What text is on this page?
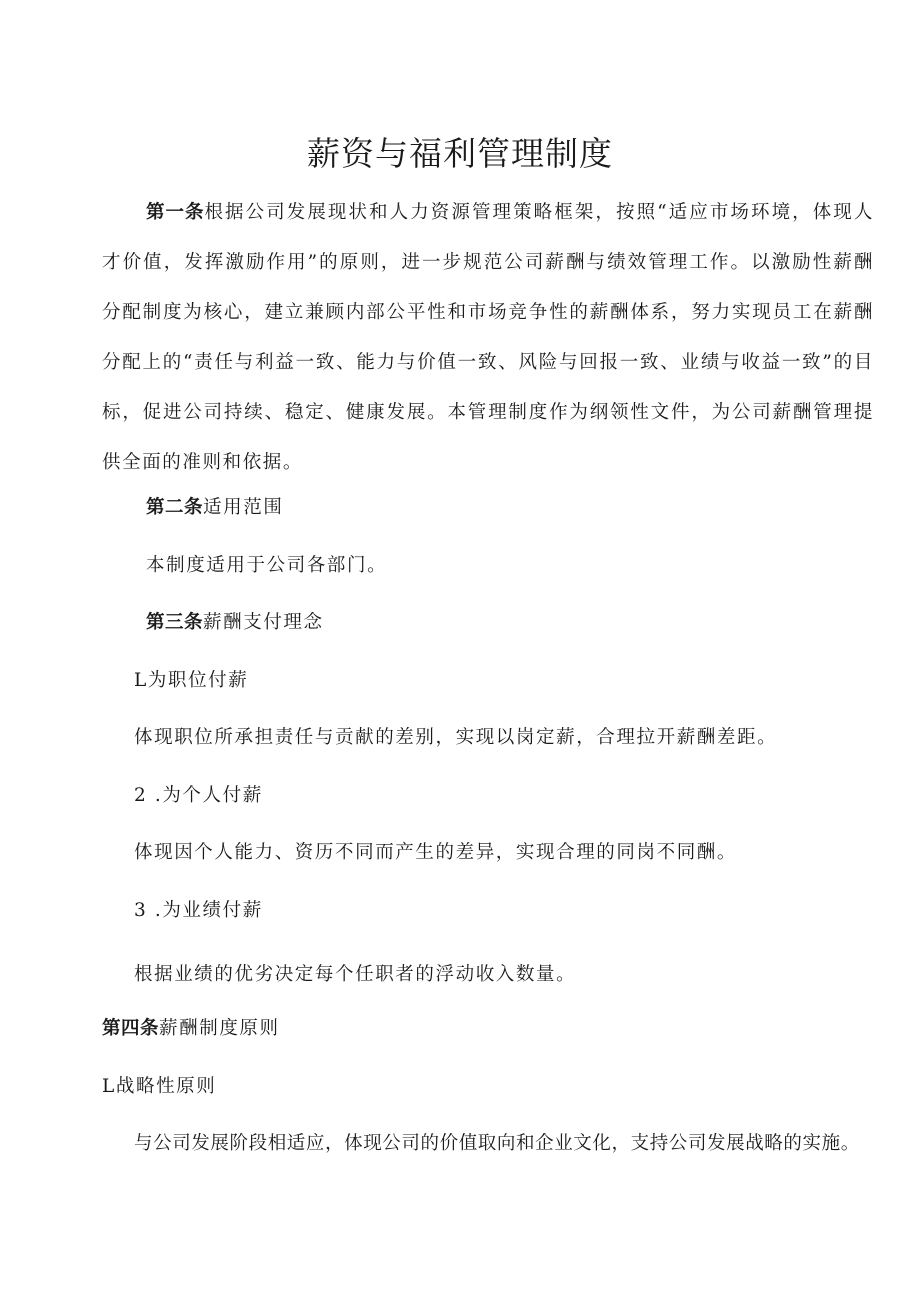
薪资与福利管理制度

第一条根据公司发展现状和人力资源管理策略框架，按照“适应市场环境，体现人才价值，发挥激励作用”的原则，进一步规范公司薪酬与绩效管理工作。以激励性薪酬分配制度为核心，建立兼顾内部公平性和市场竞争性的薪酬体系，努力实现员工在薪酬分配上的“责任与利益一致、能力与价值一致、风险与回报一致、业绩与收益一致”的目标，促进公司持续、稳定、健康发展。本管理制度作为纲领性文件，为公司薪酬管理提供全面的准则和依据。

第二条适用范围

本制度适用于公司各部门。

第三条薪酬支付理念

L为职位付薪

体现职位所承担责任与贡献的差别，实现以岗定薪，合理拉开薪酬差距。

2 .为个人付薪

体现因个人能力、资历不同而产生的差异，实现合理的同岗不同酬。

3 .为业绩付薪

根据业绩的优劣决定每个任职者的浮动收入数量。

第四条薪酬制度原则

L战略性原则

与公司发展阶段相适应，体现公司的价值取向和企业文化，支持公司发展战略的实施。
